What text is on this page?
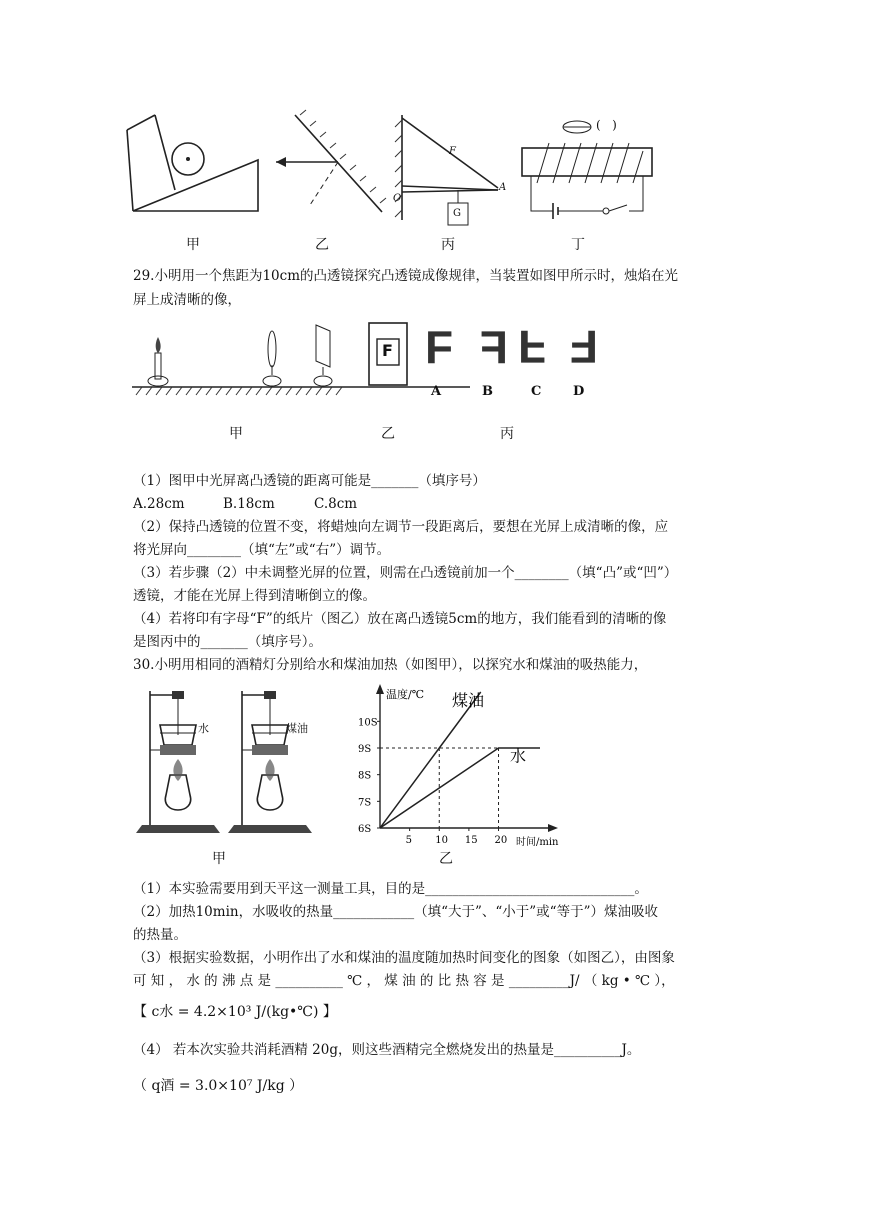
F
O
A
G
(   )
甲	乙	丙	丁
29.小明用一个焦距为10cm的凸透镜探究凸透镜成像规律，当装置如图甲所示时，烛焰在光
屏上成清晰的像，
F F F F F
A	B	C D
甲	乙	丙
（1）图甲中光屏离凸透镜的距离可能是_______（填序号）
A.28cm	B.18cm	C.8cm
（2）保持凸透镜的位置不变，将蜡烛向左调节一段距离后，要想在光屏上成清晰的像，应
将光屏向________（填“左”或“右”）调节。
（3）若步骤（2）中未调整光屏的位置，则需在凸透镜前加一个________（填“凸”或“凹”）
透镜，才能在光屏上得到清晰倒立的像。
（4）若将印有字母“F”的纸片（图乙）放在离凸透镜5cm的地方，我们能看到的清晰的像
是图丙中的_______（填序号）。
30.小明用相同的酒精灯分别给水和煤油加热（如图甲），以探究水和煤油的吸热能力，
水	煤油
甲
温度/℃
时间/min
6S
7S
8S
9S
10S
5 10 15 20
煤油
水
乙
（1）本实验需要用到天平这一测量工具，目的是_______________________________。
（2）加热10min，水吸收的热量____________（填“大于”、“小于”或“等于”）煤油吸收
的热量。
（3）根据实验数据，小明作出了水和煤油的温度随加热时间变化的图象（如图乙），由图象
可 知 ， 水 的 沸 点 是 __________ ℃ ， 煤 油 的 比 热 容 是 _________J/ （ kg • ℃ ），
【 c水 = 4.2×10³ J/(kg•℃) 】
（4） 若本次实验共消耗酒精 20g，则这些酒精完全燃烧发出的热量是__________J。
（ q酒 = 3.0×10⁷ J/kg ）
